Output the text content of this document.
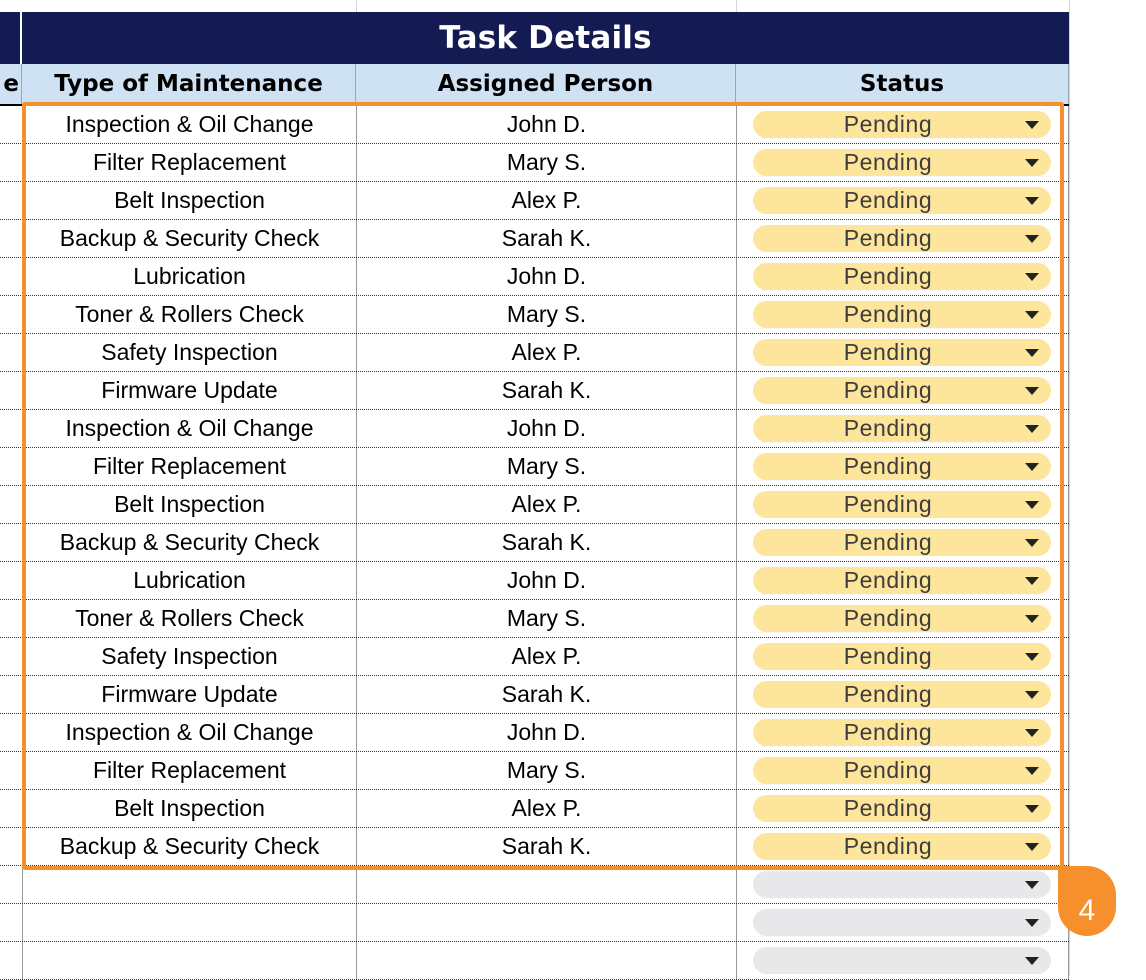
Task Details
e	Type of Maintenance	Assigned Person	Status
Inspection & Oil Change	John D.	Pending
Filter Replacement	Mary S.	Pending
Belt Inspection	Alex P.	Pending
Backup & Security Check	Sarah K.	Pending
Lubrication	John D.	Pending
Toner & Rollers Check	Mary S.	Pending
Safety Inspection	Alex P.	Pending
Firmware Update	Sarah K.	Pending
Inspection & Oil Change	John D.	Pending
Filter Replacement	Mary S.	Pending
Belt Inspection	Alex P.	Pending
Backup & Security Check	Sarah K.	Pending
Lubrication	John D.	Pending
Toner & Rollers Check	Mary S.	Pending
Safety Inspection	Alex P.	Pending
Firmware Update	Sarah K.	Pending
Inspection & Oil Change	John D.	Pending
Filter Replacement	Mary S.	Pending
Belt Inspection	Alex P.	Pending
Backup & Security Check	Sarah K.	Pending
4
